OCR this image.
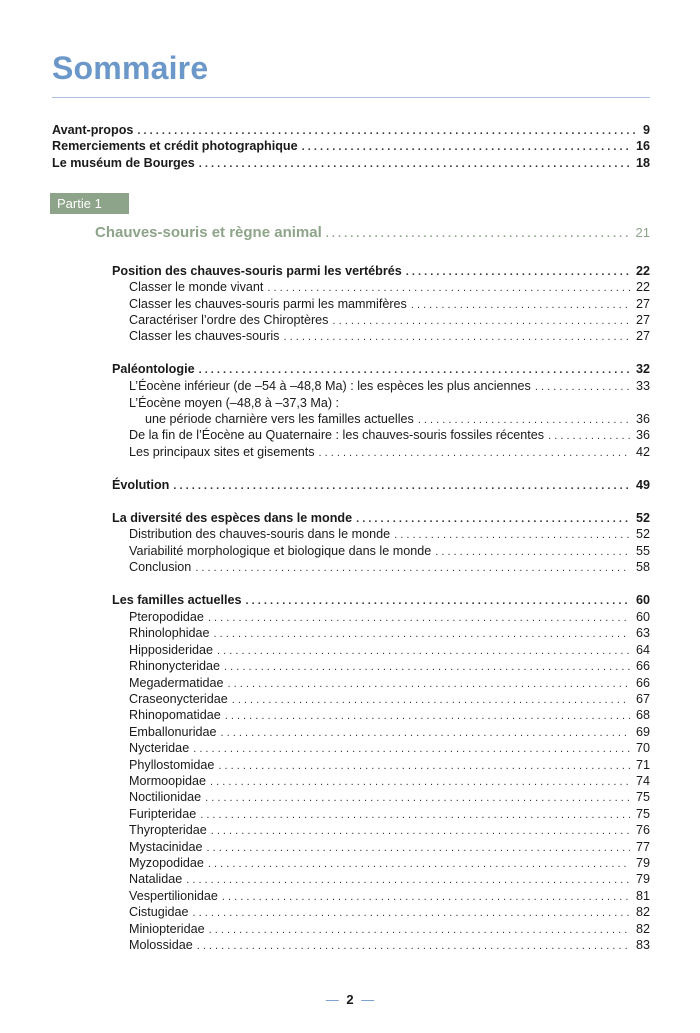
Sommaire
Avant-propos . . .	9
Remerciements et crédit photographique . . .	16
Le muséum de Bourges . . .	18
Partie 1
Chauves-souris et règne animal . . .	21
Position des chauves-souris parmi les vertébrés . . .	22
Classer le monde vivant . . .	22
Classer les chauves-souris parmi les mammifères . . .	27
Caractériser l’ordre des Chiroptères . . .	27
Classer les chauves-souris . . .	27
Paléontologie . . .	32
L’Éocène inférieur (de –54 à –48,8 Ma) : les espèces les plus anciennes . . .	33
L’Éocène moyen (–48,8 à –37,3 Ma) :
une période charnière vers les familles actuelles . . .	36
De la fin de l’Éocène au Quaternaire : les chauves-souris fossiles récentes . . .	36
Les principaux sites et gisements . . .	42
Évolution . . .	49
La diversité des espèces dans le monde . . .	52
Distribution des chauves-souris dans le monde . . .	52
Variabilité morphologique et biologique dans le monde . . .	55
Conclusion . . .	58
Les familles actuelles . . .	60
Pteropodidae . . .	60
Rhinolophidae . . .	63
Hipposideridae . . .	64
Rhinonycteridae . . .	66
Megadermatidae . . .	66
Craseonycteridae . . .	67
Rhinopomatidae . . .	68
Emballonuridae . . .	69
Nycteridae . . .	70
Phyllostomidae . . .	71
Mormoopidae . . .	74
Noctilionidae . . .	75
Furipteridae . . .	75
Thyropteridae . . .	76
Mystacinidae . . .	77
Myzopodidae . . .	79
Natalidae . . .	79
Vespertilionidae . . .	81
Cistugidae . . .	82
Miniopteridae . . .	82
Molossidae . . .	83
— 2 —
